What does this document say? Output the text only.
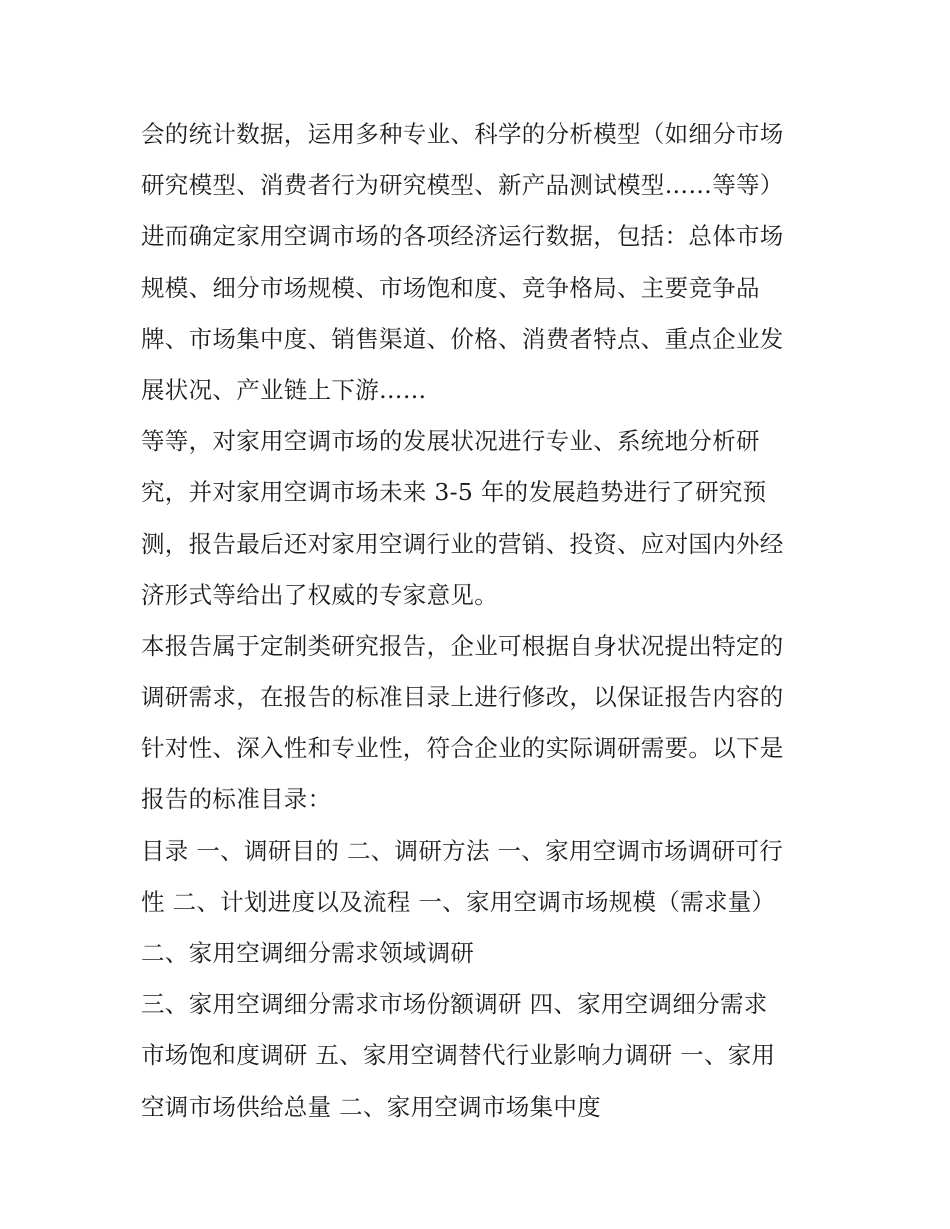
会的统计数据，运用多种专业、科学的分析模型（如细分市场
研究模型、消费者行为研究模型、新产品测试模型……等等）
进而确定家用空调市场的各项经济运行数据，包括：总体市场
规模、细分市场规模、市场饱和度、竞争格局、主要竞争品
牌、市场集中度、销售渠道、价格、消费者特点、重点企业发
展状况、产业链上下游……
等等，对家用空调市场的发展状况进行专业、系统地分析研
究，并对家用空调市场未来 3-5 年的发展趋势进行了研究预
测，报告最后还对家用空调行业的营销、投资、应对国内外经
济形式等给出了权威的专家意见。
本报告属于定制类研究报告，企业可根据自身状况提出特定的
调研需求，在报告的标准目录上进行修改，以保证报告内容的
针对性、深入性和专业性，符合企业的实际调研需要。以下是
报告的标准目录：
目录 一、调研目的 二、调研方法 一、家用空调市场调研可行
性 二、计划进度以及流程 一、家用空调市场规模（需求量）
二、家用空调细分需求领域调研
三、家用空调细分需求市场份额调研 四、家用空调细分需求
市场饱和度调研 五、家用空调替代行业影响力调研 一、家用
空调市场供给总量 二、家用空调市场集中度
